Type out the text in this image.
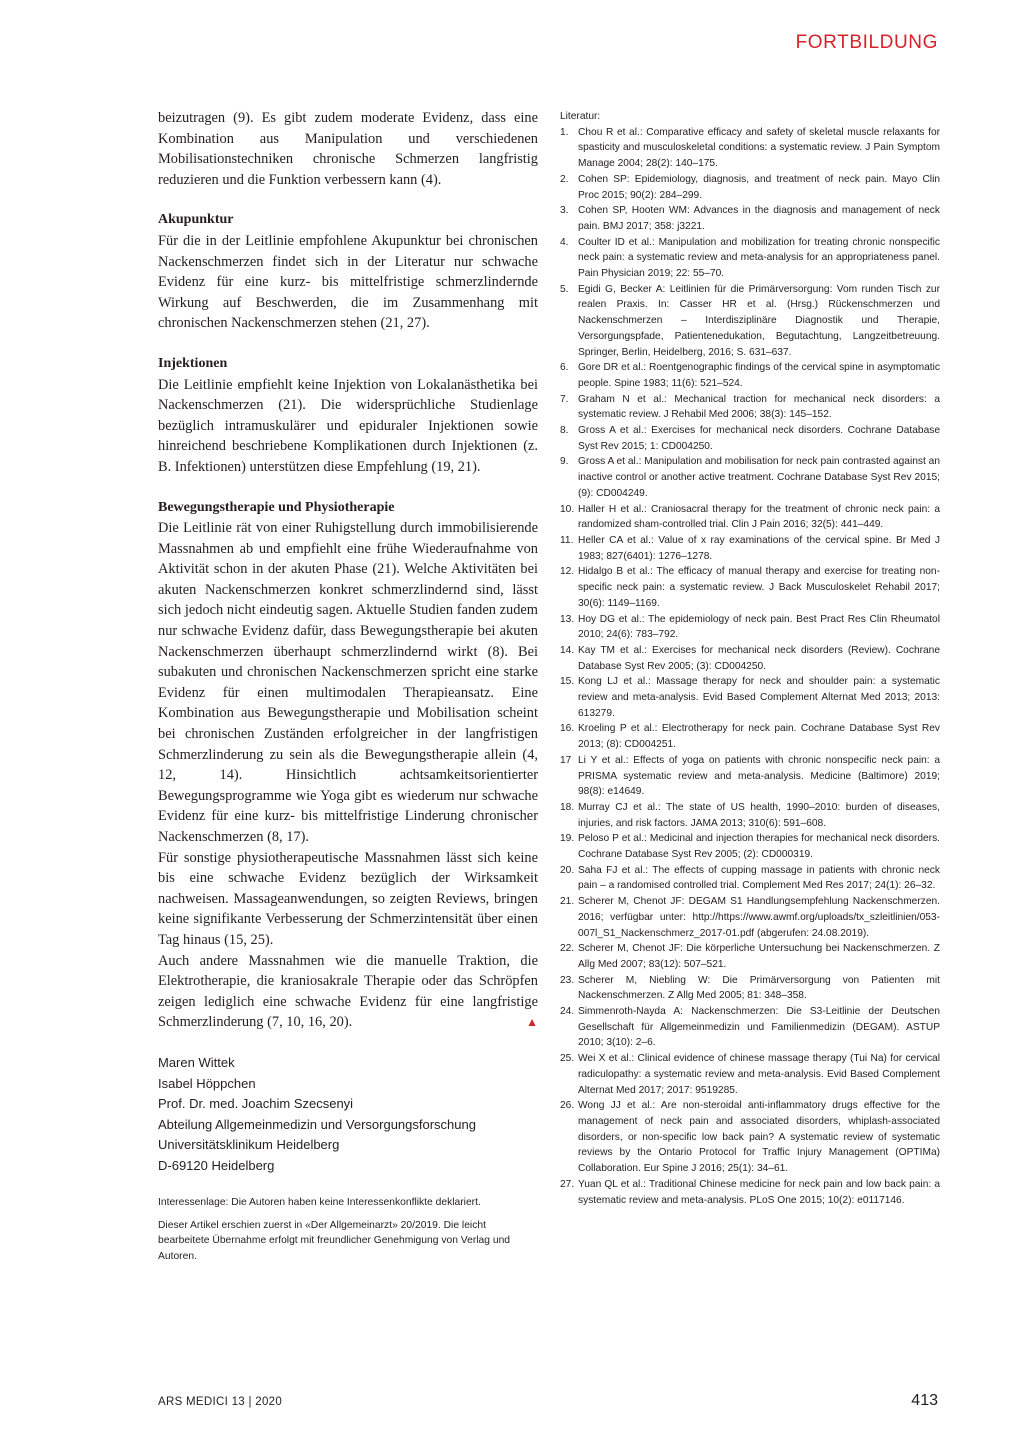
FORTBILDUNG

beizutragen (9). Es gibt zudem moderate Evidenz, dass eine Kombination aus Manipulation und verschiedenen Mobilisationstechniken chronische Schmerzen langfristig reduzieren und die Funktion verbessern kann (4).

Akupunktur

Für die in der Leitlinie empfohlene Akupunktur bei chronischen Nackenschmerzen findet sich in der Literatur nur schwache Evidenz für eine kurz- bis mittelfristige schmerzlindernde Wirkung auf Beschwerden, die im Zusammenhang mit chronischen Nackenschmerzen stehen (21, 27).

Injektionen

Die Leitlinie empfiehlt keine Injektion von Lokalanästhetika bei Nackenschmerzen (21). Die widersprüchliche Studienlage bezüglich intramuskulärer und epiduraler Injektionen sowie hinreichend beschriebene Komplikationen durch Injektionen (z. B. Infektionen) unterstützen diese Empfehlung (19, 21).

Bewegungstherapie und Physiotherapie

Die Leitlinie rät von einer Ruhigstellung durch immobilisierende Massnahmen ab und empfiehlt eine frühe Wiederaufnahme von Aktivität schon in der akuten Phase (21). Welche Aktivitäten bei akuten Nackenschmerzen konkret schmerzlindernd sind, lässt sich jedoch nicht eindeutig sagen. Aktuelle Studien fanden zudem nur schwache Evidenz dafür, dass Bewegungstherapie bei akuten Nackenschmerzen überhaupt schmerzlindernd wirkt (8). Bei subakuten und chronischen Nackenschmerzen spricht eine starke Evidenz für einen multimodalen Therapieansatz. Eine Kombination aus Bewegungstherapie und Mobilisation scheint bei chronischen Zuständen erfolgreicher in der langfristigen Schmerzlinderung zu sein als die Bewegungstherapie allein (4, 12, 14). Hinsichtlich achtsamkeitsorientierter Bewegungsprogramme wie Yoga gibt es wiederum nur schwache Evidenz für eine kurz- bis mittelfristige Linderung chronischer Nackenschmerzen (8, 17).

Für sonstige physiotherapeutische Massnahmen lässt sich keine bis eine schwache Evidenz bezüglich der Wirksamkeit nachweisen. Massageanwendungen, so zeigten Reviews, bringen keine signifikante Verbesserung der Schmerzintensität über einen Tag hinaus (15, 25).

Auch andere Massnahmen wie die manuelle Traktion, die Elektrotherapie, die kraniosakrale Therapie oder das Schröpfen zeigen lediglich eine schwache Evidenz für eine langfristige Schmerzlinderung (7, 10, 16, 20).	▲

Maren Wittek
Isabel Höppchen
Prof. Dr. med. Joachim Szecsenyi
Abteilung Allgemeinmedizin und Versorgungsforschung
Universitätsklinikum Heidelberg
D-69120 Heidelberg

Interessenlage: Die Autoren haben keine Interessenkonflikte deklariert.

Dieser Artikel erschien zuerst in «Der Allgemeinarzt» 20/2019. Die leicht bearbeitete Übernahme erfolgt mit freundlicher Genehmigung von Verlag und Autoren.

Literatur:
1. Chou R et al.: Comparative efficacy and safety of skeletal muscle relaxants for spasticity and musculoskeletal conditions: a systematic review. J Pain Symptom Manage 2004; 28(2): 140–175.
2. Cohen SP: Epidemiology, diagnosis, and treatment of neck pain. Mayo Clin Proc 2015; 90(2): 284–299.
3. Cohen SP, Hooten WM: Advances in the diagnosis and management of neck pain. BMJ 2017; 358: j3221.
4. Coulter ID et al.: Manipulation and mobilization for treating chronic nonspecific neck pain: a systematic review and meta-analysis for an appropriateness panel. Pain Physician 2019; 22: 55–70.
5. Egidi G, Becker A: Leitlinien für die Primärversorgung: Vom runden Tisch zur realen Praxis. In: Casser HR et al. (Hrsg.) Rückenschmerzen und Nackenschmerzen – Interdisziplinäre Diagnostik und Therapie, Versorgungspfade, Patientenedukation, Begutachtung, Langzeitbetreuung. Springer, Berlin, Heidelberg, 2016; S. 631–637.
6. Gore DR et al.: Roentgenographic findings of the cervical spine in asymptomatic people. Spine 1983; 11(6): 521–524.
7. Graham N et al.: Mechanical traction for mechanical neck disorders: a systematic review. J Rehabil Med 2006; 38(3): 145–152.
8. Gross A et al.: Exercises for mechanical neck disorders. Cochrane Database Syst Rev 2015; 1: CD004250.
9. Gross A et al.: Manipulation and mobilisation for neck pain contrasted against an inactive control or another active treatment. Cochrane Database Syst Rev 2015; (9): CD004249.
10. Haller H et al.: Craniosacral therapy for the treatment of chronic neck pain: a randomized sham-controlled trial. Clin J Pain 2016; 32(5): 441–449.
11. Heller CA et al.: Value of x ray examinations of the cervical spine. Br Med J 1983; 827(6401): 1276–1278.
12. Hidalgo B et al.: The efficacy of manual therapy and exercise for treating non-specific neck pain: a systematic review. J Back Musculoskelet Rehabil 2017; 30(6): 1149–1169.
13. Hoy DG et al.: The epidemiology of neck pain. Best Pract Res Clin Rheumatol 2010; 24(6): 783–792.
14. Kay TM et al.: Exercises for mechanical neck disorders (Review). Cochrane Database Syst Rev 2005; (3): CD004250.
15. Kong LJ et al.: Massage therapy for neck and shoulder pain: a systematic review and meta-analysis. Evid Based Complement Alternat Med 2013; 2013: 613279.
16. Kroeling P et al.: Electrotherapy for neck pain. Cochrane Database Syst Rev 2013; (8): CD004251.
17 Li Y et al.: Effects of yoga on patients with chronic nonspecific neck pain: a PRISMA systematic review and meta-analysis. Medicine (Baltimore) 2019; 98(8): e14649.
18. Murray CJ et al.: The state of US health, 1990–2010: burden of diseases, injuries, and risk factors. JAMA 2013; 310(6): 591–608.
19. Peloso P et al.: Medicinal and injection therapies for mechanical neck disorders. Cochrane Database Syst Rev 2005; (2): CD000319.
20. Saha FJ et al.: The effects of cupping massage in patients with chronic neck pain – a randomised controlled trial. Complement Med Res 2017; 24(1): 26–32.
21. Scherer M, Chenot JF: DEGAM S1 Handlungsempfehlung Nackenschmerzen. 2016; verfügbar unter: http://https://www.awmf.org/uploads/tx_szleitlinien/053-007l_S1_Nackenschmerz_2017-01.pdf (abgerufen: 24.08.2019).
22. Scherer M, Chenot JF: Die körperliche Untersuchung bei Nackenschmerzen. Z Allg Med 2007; 83(12): 507–521.
23. Scherer M, Niebling W: Die Primärversorgung von Patienten mit Nackenschmerzen. Z Allg Med 2005; 81: 348–358.
24. Simmenroth-Nayda A: Nackenschmerzen: Die S3-Leitlinie der Deutschen Gesellschaft für Allgemeinmedizin und Familienmedizin (DEGAM). ASTUP 2010; 3(10): 2–6.
25. Wei X et al.: Clinical evidence of chinese massage therapy (Tui Na) for cervical radiculopathy: a systematic review and meta-analysis. Evid Based Complement Alternat Med 2017; 2017: 9519285.
26. Wong JJ et al.: Are non-steroidal anti-inflammatory drugs effective for the management of neck pain and associated disorders, whiplash-associated disorders, or non-specific low back pain? A systematic review of systematic reviews by the Ontario Protocol for Traffic Injury Management (OPTIMa) Collaboration. Eur Spine J 2016; 25(1): 34–61.
27. Yuan QL et al.: Traditional Chinese medicine for neck pain and low back pain: a systematic review and meta-analysis. PLoS One 2015; 10(2): e0117146.
ARS MEDICI 13 | 2020	413
